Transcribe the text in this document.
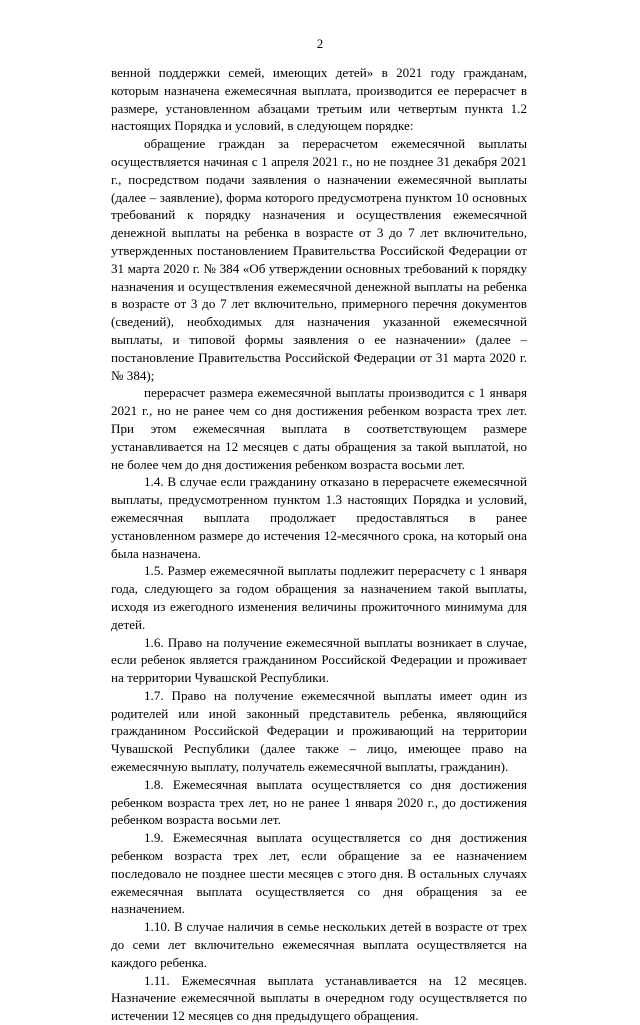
2

венной поддержки семей, имеющих детей» в 2021 году гражданам, которым назначена ежемесячная выплата, производится ее перерасчет в размере, установленном абзацами третьим или четвертым пункта 1.2 настоящих Порядка и условий, в следующем порядке:

обращение граждан за перерасчетом ежемесячной выплаты осуществляется начиная с 1 апреля 2021 г., но не позднее 31 декабря 2021 г., посредством подачи заявления о назначении ежемесячной выплаты (далее – заявление), форма которого предусмотрена пунктом 10 основных требований к порядку назначения и осуществления ежемесячной денежной выплаты на ребенка в возрасте от 3 до 7 лет включительно, утвержденных постановлением Правительства Российской Федерации от 31 марта 2020 г. № 384 «Об утверждении основных требований к порядку назначения и осуществления ежемесячной денежной выплаты на ребенка в возрасте от 3 до 7 лет включительно, примерного перечня документов (сведений), необходимых для назначения указанной ежемесячной выплаты, и типовой формы заявления о ее назначении» (далее – постановление Правительства Российской Федерации от 31 марта 2020 г. № 384);

перерасчет размера ежемесячной выплаты производится с 1 января 2021 г., но не ранее чем со дня достижения ребенком возраста трех лет. При этом ежемесячная выплата в соответствующем размере устанавливается на 12 месяцев с даты обращения за такой выплатой, но не более чем до дня достижения ребенком возраста восьми лет.

1.4. В случае если гражданину отказано в перерасчете ежемесячной выплаты, предусмотренном пунктом 1.3 настоящих Порядка и условий, ежемесячная выплата продолжает предоставляться в ранее установленном размере до истечения 12-месячного срока, на который она была назначена.

1.5. Размер ежемесячной выплаты подлежит перерасчету с 1 января года, следующего за годом обращения за назначением такой выплаты, исходя из ежегодного изменения величины прожиточного минимума для детей.

1.6. Право на получение ежемесячной выплаты возникает в случае, если ребенок является гражданином Российской Федерации и проживает на территории Чувашской Республики.

1.7. Право на получение ежемесячной выплаты имеет один из родителей или иной законный представитель ребенка, являющийся гражданином Российской Федерации и проживающий на территории Чувашской Республики (далее также – лицо, имеющее право на ежемесячную выплату, получатель ежемесячной выплаты, гражданин).

1.8. Ежемесячная выплата осуществляется со дня достижения ребенком возраста трех лет, но не ранее 1 января 2020 г., до достижения ребенком возраста восьми лет.

1.9. Ежемесячная выплата осуществляется со дня достижения ребенком возраста трех лет, если обращение за ее назначением последовало не позднее шести месяцев с этого дня. В остальных случаях ежемесячная выплата осуществляется со дня обращения за ее назначением.

1.10. В случае наличия в семье нескольких детей в возрасте от трех до семи лет включительно ежемесячная выплата осуществляется на каждого ребенка.

1.11. Ежемесячная выплата устанавливается на 12 месяцев. Назначение ежемесячной выплаты в очередном году осуществляется по истечении 12 месяцев со дня предыдущего обращения.
